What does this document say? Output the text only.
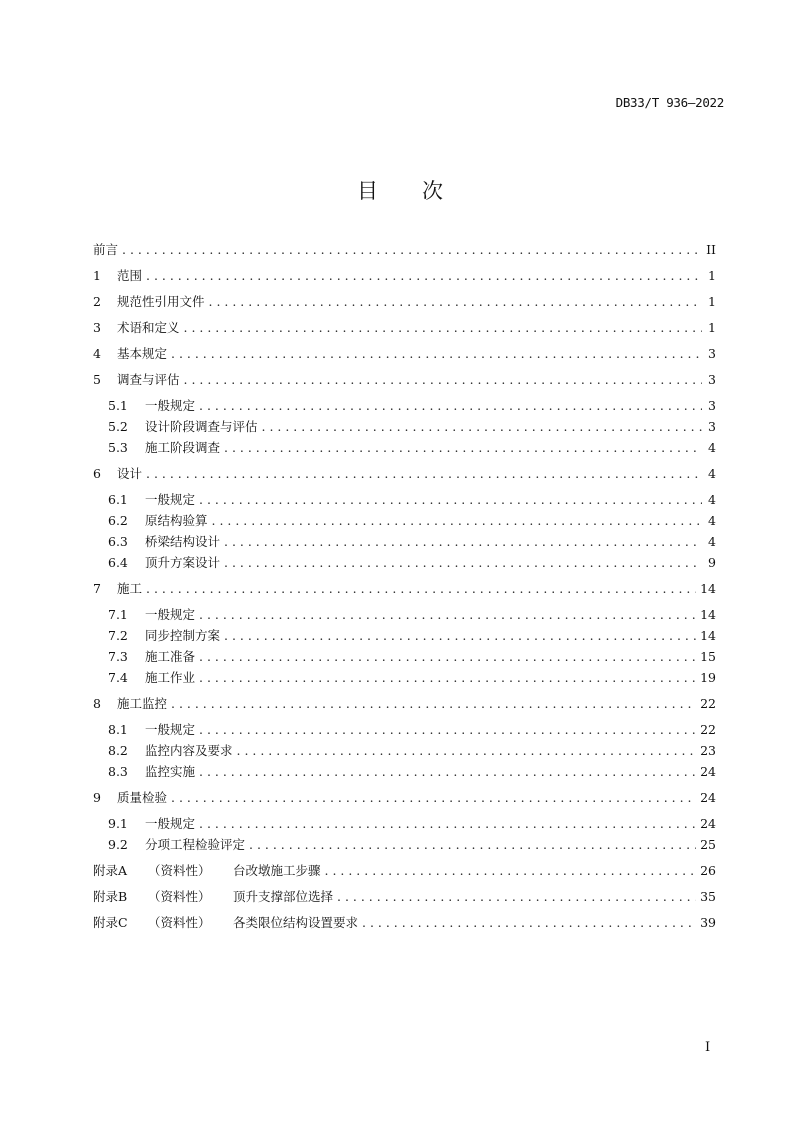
DB33/T 936—2022
目次
前言 . . .	II
1	范围 . . .	1
2	规范性引用文件 . . .	1
3	术语和定义 . . .	1
4	基本规定 . . .	3
5	调查与评估 . . .	3
5.1	一般规定 . . .	3
5.2	设计阶段调查与评估 . . .	3
5.3	施工阶段调查 . . .	4
6	设计 . . .	4
6.1	一般规定 . . .	4
6.2	原结构验算 . . .	4
6.3	桥梁结构设计 . . .	4
6.4	顶升方案设计 . . .	9
7	施工 . . .	14
7.1	一般规定 . . .	14
7.2	同步控制方案 . . .	14
7.3	施工准备 . . .	15
7.4	施工作业 . . .	19
8	施工监控 . . .	22
8.1	一般规定 . . .	22
8.2	监控内容及要求 . . .	23
8.3	监控实施 . . .	24
9	质量检验 . . .	24
9.1	一般规定 . . .	24
9.2	分项工程检验评定 . . .	25
附录A	（资料性）	台改墩施工步骤 . . .	26
附录B	（资料性）	顶升支撑部位选择 . . .	35
附录C	（资料性）	各类限位结构设置要求 . . .	39
I
